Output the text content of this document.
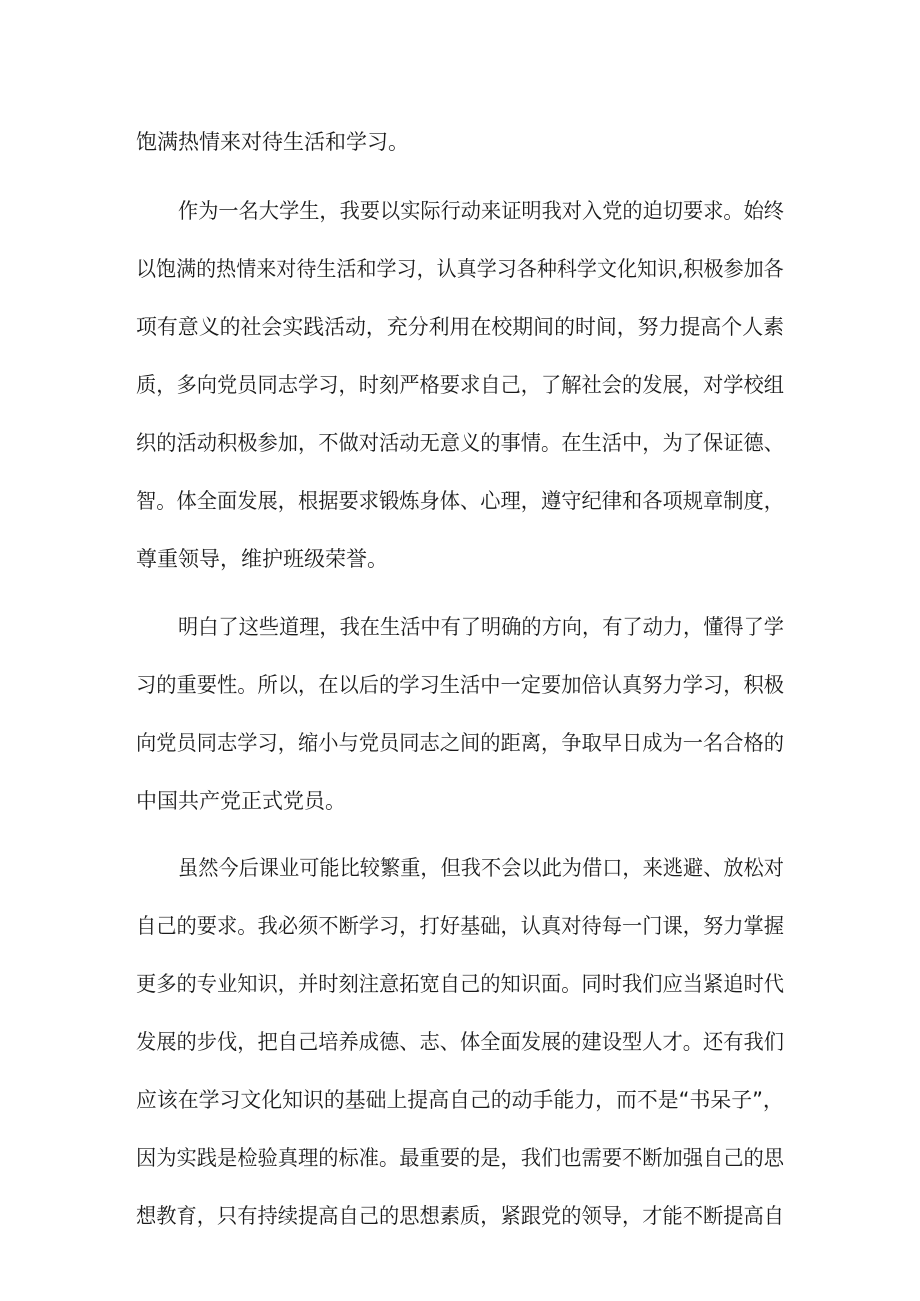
饱满热情来对待生活和学习。
作为一名大学生，我要以实际行动来证明我对入党的迫切要求。始终
以饱满的热情来对待生活和学习，认真学习各种科学文化知识,积极参加各
项有意义的社会实践活动，充分利用在校期间的时间，努力提高个人素
质，多向党员同志学习，时刻严格要求自己，了解社会的发展，对学校组
织的活动积极参加，不做对活动无意义的事情。在生活中，为了保证德、
智。体全面发展，根据要求锻炼身体、心理，遵守纪律和各项规章制度，
尊重领导，维护班级荣誉。
明白了这些道理，我在生活中有了明确的方向，有了动力，懂得了学
习的重要性。所以，在以后的学习生活中一定要加倍认真努力学习，积极
向党员同志学习，缩小与党员同志之间的距离，争取早日成为一名合格的
中国共产党正式党员。
虽然今后课业可能比较繁重，但我不会以此为借口，来逃避、放松对
自己的要求。我必须不断学习，打好基础，认真对待每一门课，努力掌握
更多的专业知识，并时刻注意拓宽自己的知识面。同时我们应当紧追时代
发展的步伐，把自己培养成德、志、体全面发展的建设型人才。还有我们
应该在学习文化知识的基础上提高自己的动手能力，而不是“书呆子”，
因为实践是检验真理的标准。最重要的是，我们也需要不断加强自己的思
想教育，只有持续提高自己的思想素质，紧跟党的领导，才能不断提高自
